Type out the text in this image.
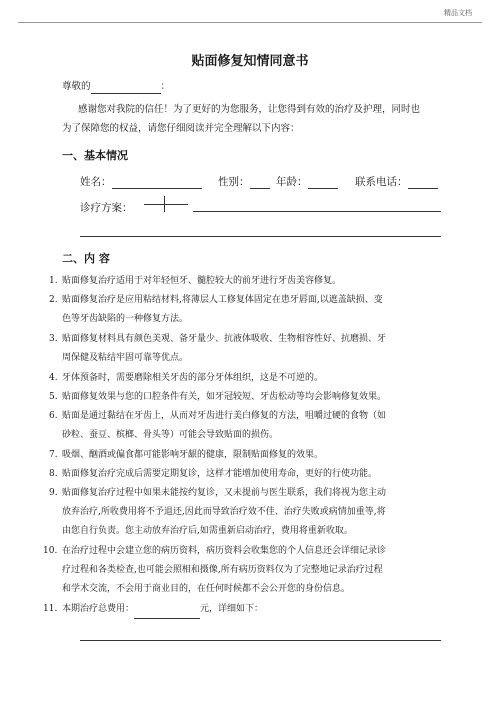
精品文档
贴面修复知情同意书
尊敬的	：
感谢您对我院的信任！为了更好的为您服务，让您得到有效的治疗及护理，同时也
为了保障您的权益，请您仔细阅读并完全理解以下内容：
一、基本情况
姓名：	性别：	年龄：	联系电话：
诊疗方案：
二、内 容
1. 贴面修复治疗适用于对年轻恒牙、髓腔较大的前牙进行牙齿美容修复。
2. 贴面修复治疗是应用粘结材料,将薄层人工修复体固定在患牙唇面,以遮盖缺损、变
色等牙齿缺陷的一种修复方法。
3. 贴面修复材料具有颜色美观、备牙量少、抗液体吸收、生物相容性好、抗磨损、牙
周保健及粘结牢固可靠等优点。
4. 牙体预备时，需要磨除相关牙齿的部分牙体组织，这是不可逆的。
5. 贴面修复效果与您的口腔条件有关，如牙冠较短、牙齿松动等均会影响修复效果。
6. 贴面是通过黏结在牙齿上，从而对牙齿进行美白修复的方法，咀嚼过硬的食物（如
砂粒、蚕豆、槟榔、骨头等）可能会导致贴面的损伤。
7. 吸烟、酗酒或偏食都可能影响牙龈的健康，限制贴面修复的效果。
8. 贴面修复治疗完成后需要定期复诊，这样才能增加使用寿命，更好的行使功能。
9. 贴面修复治疗过程中如果未能按约复诊，又未提前与医生联系，我们将视为您主动
放弃治疗,所收费用将不予退还,因此而导致治疗效不佳、治疗失败或病情加重等,将
由您自行负责。您主动放弃治疗后,如需重新启动治疗，费用将重新收取。
10. 在治疗过程中会建立您的病历资料，病历资料会收集您的个人信息还会详细记录诊
疗过程和各类检查,也可能会照相和摄像,所有病历资料仅为了完整地记录治疗过程
和学术交流，不会用于商业目的，在任何时候都不会公开您的身份信息。
11. 本期治疗总费用：	元，详细如下：
